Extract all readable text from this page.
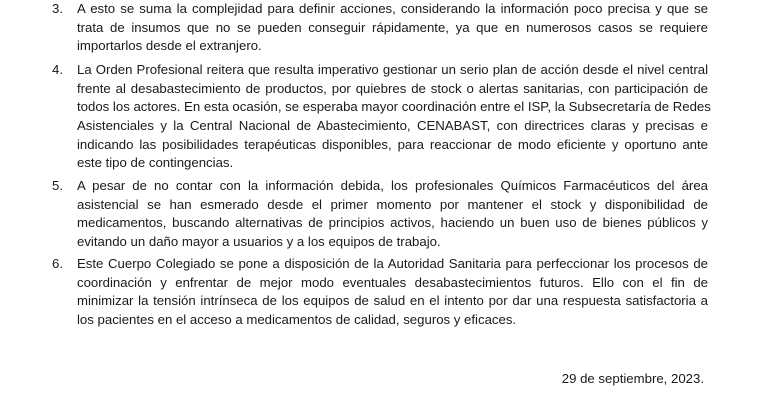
3.	A esto se suma la complejidad para definir acciones, considerando la información poco precisa y que se
trata de insumos que no se pueden conseguir rápidamente, ya que en numerosos casos se requiere
importarlos desde el extranjero.
4.	La Orden Profesional reitera que resulta imperativo gestionar un serio plan de acción desde el nivel central
frente al desabastecimiento de productos, por quiebres de stock o alertas sanitarias, con participación de
todos los actores. En esta ocasión, se esperaba mayor coordinación entre el ISP, la Subsecretaría de Redes
Asistenciales y la Central Nacional de Abastecimiento, CENABAST, con directrices claras y precisas e
indicando las posibilidades terapéuticas disponibles, para reaccionar de modo eficiente y oportuno ante
este tipo de contingencias.
5.	A pesar de no contar con la información debida, los profesionales Químicos Farmacéuticos del área
asistencial se han esmerado desde el primer momento por mantener el stock y disponibilidad de
medicamentos, buscando alternativas de principios activos, haciendo un buen uso de bienes públicos y
evitando un daño mayor a usuarios y a los equipos de trabajo.
6.	Este Cuerpo Colegiado se pone a disposición de la Autoridad Sanitaria para perfeccionar los procesos de
coordinación y enfrentar de mejor modo eventuales desabastecimientos futuros. Ello con el fin de
minimizar la tensión intrínseca de los equipos de salud en el intento por dar una respuesta satisfactoria a
los pacientes en el acceso a medicamentos de calidad, seguros y eficaces.
29 de septiembre, 2023.
